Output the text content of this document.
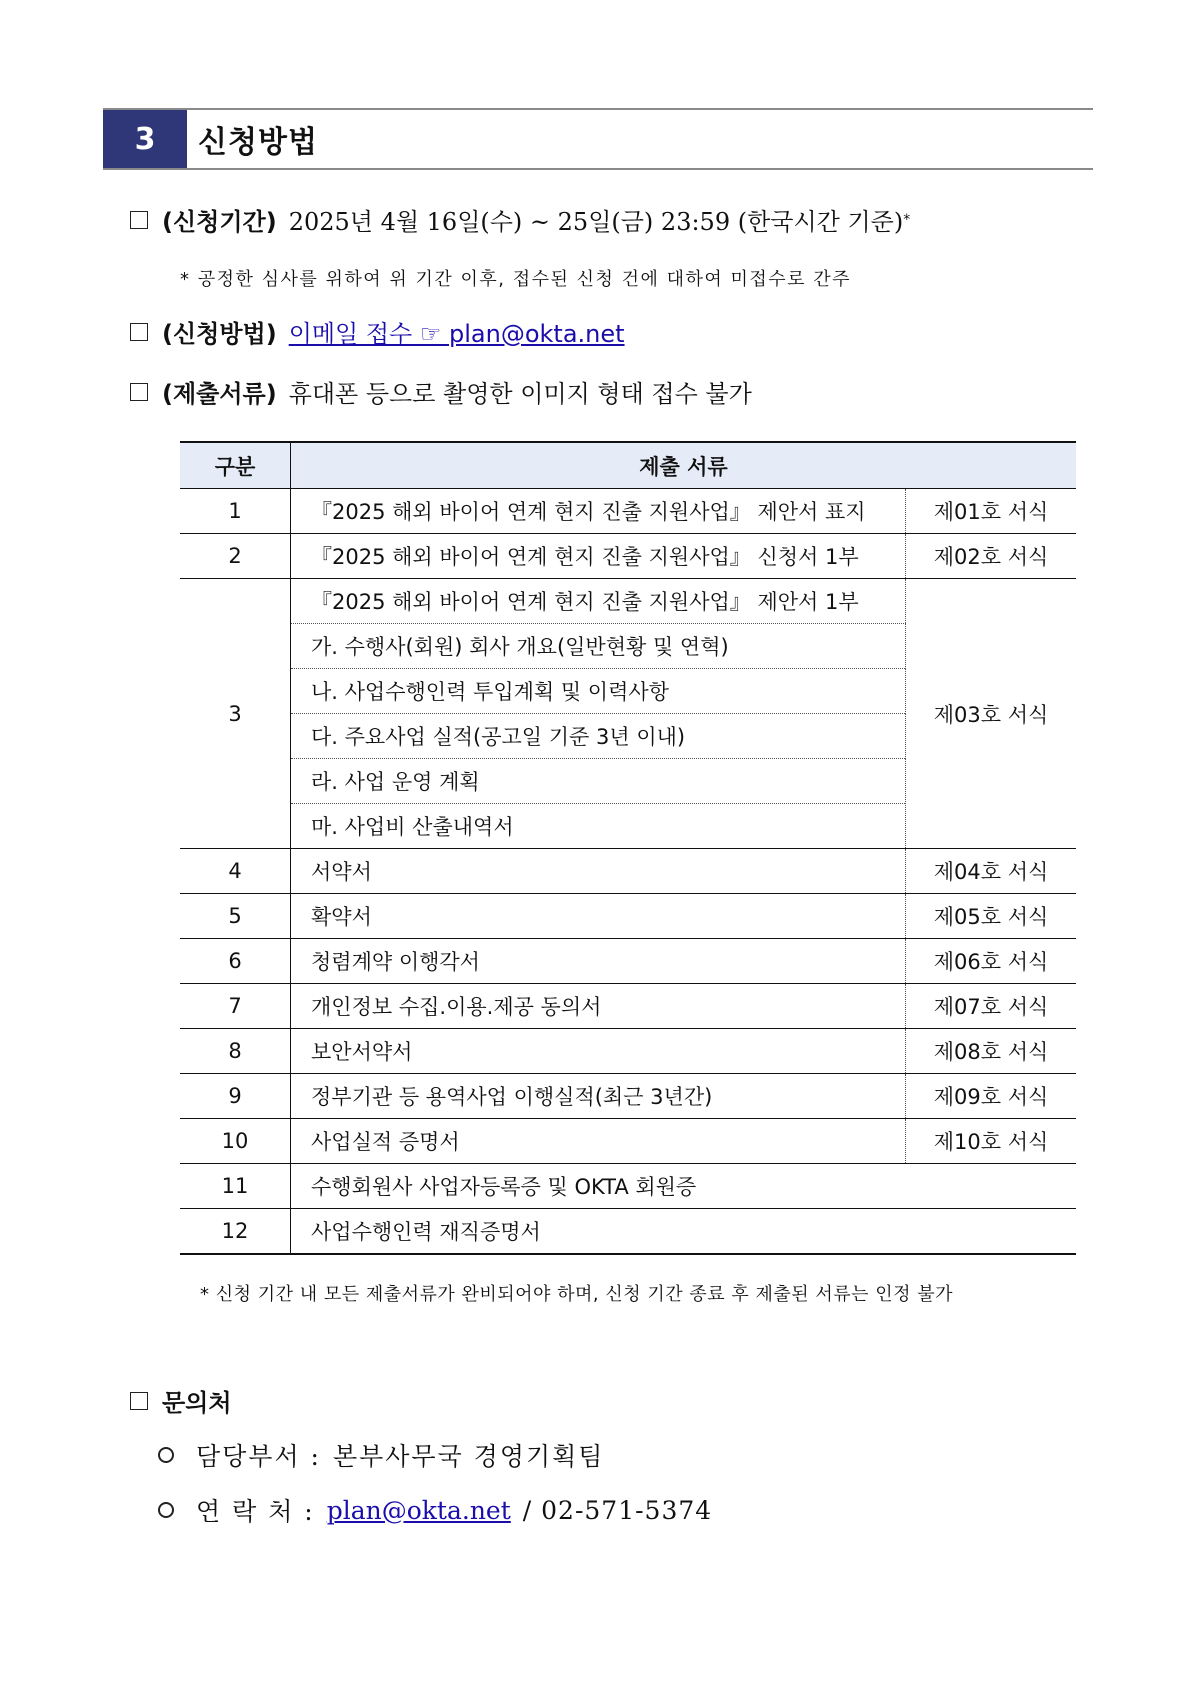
3	신청방법
(신청기간) 2025년 4월 16일(수) ~ 25일(금) 23:59 (한국시간 기준) *
* 공정한 심사를 위하여 위 기간 이후, 접수된 신청 건에 대하여 미접수로 간주
(신청방법) 이메일 접수 ☞ plan@okta.net
(제출서류) 휴대폰 등으로 촬영한 이미지 형태 접수 불가
구분	제출 서류	
1	『2025 해외 바이어 연계 현지 진출 지원사업』 제안서 표지	제01호 서식
2	『2025 해외 바이어 연계 현지 진출 지원사업』 신청서 1부	제02호 서식
3	『2025 해외 바이어 연계 현지 진출 지원사업』 제안서 1부	제03호 서식
	가. 수행사(회원) 회사 개요(일반현황 및 연혁)	
	나. 사업수행인력 투입계획 및 이력사항	
	다. 주요사업 실적(공고일 기준 3년 이내)	
	라. 사업 운영 계획	
	마. 사업비 산출내역서	
4	서약서	제04호 서식
5	확약서	제05호 서식
6	청렴계약 이행각서	제06호 서식
7	개인정보 수집.이용.제공 동의서	제07호 서식
8	보안서약서	제08호 서식
9	정부기관 등 용역사업 이행실적(최근 3년간)	제09호 서식
10	사업실적 증명서	제10호 서식
11	수행회원사 사업자등록증 및 OKTA 회원증	
12	사업수행인력 재직증명서	
* 신청 기간 내 모든 제출서류가 완비되어야 하며, 신청 기간 종료 후 제출된 서류는 인정 불가
문의처
담당부서 : 본부사무국 경영기획팀
연 락 처 : plan@okta.net / 02-571-5374
